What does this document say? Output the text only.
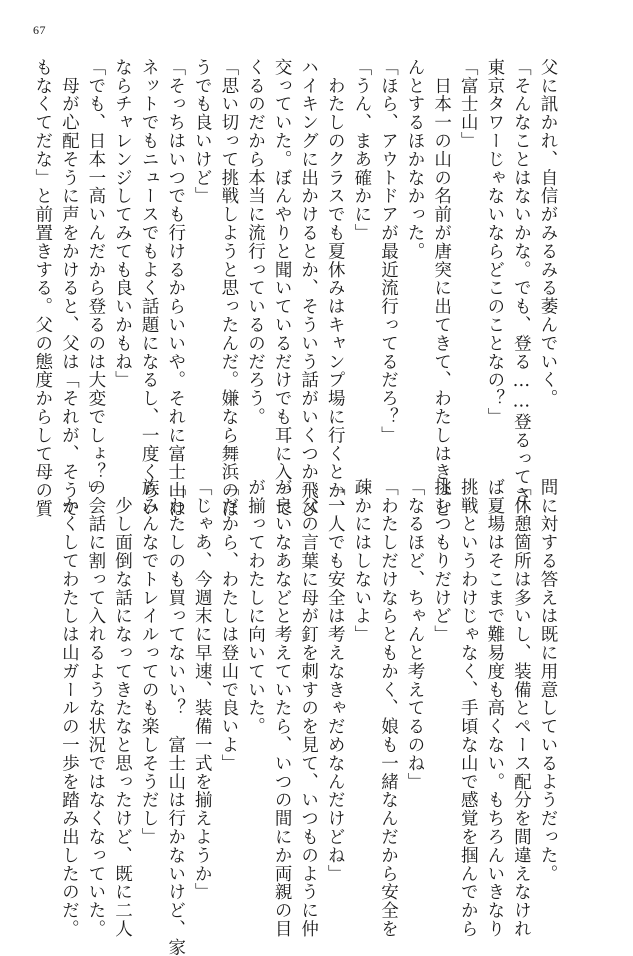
67
父に訊かれ、自信がみるみる萎んでいく。
「そんなことはないかな。でも、登る……登るってさ、
東京タワーじゃないならどこのことなの？」
「富士山」
　日本一の山の名前が唐突に出てきて、わたしはきょと
んとするほかなかった。
「ほら、アウトドアが最近流行ってるだろ？」
「うん、まあ確かに」
　わたしのクラスでも夏休みはキャンプ場に行くとか、
ハイキングに出かけるとか、そういう話がいくつか飛び
交っていた。ぼんやりと聞いているだけでも耳に入って
くるのだから本当に流行っているのだろう。
「思い切って挑戦しようと思ったんだ。嫌なら舞浜のほ
うでも良いけど」
「そっちはいつでも行けるからいいや。それに富士山は
ネットでもニュースでもよく話題になるし、一度くらい
ならチャレンジしてみても良いかもね」
「でも、日本一高いんだから登るのは大変でしょ？」
　母が心配そうに声をかけると、父は「それが、そうで
もなくてだな」と前置きする。父の態度からして母の質
問に対する答えは既に用意しているようだった。
「休憩箇所は多いし、装備とペース配分を間違えなけれ
ば夏場はそこまで難易度も高くない。もちろんいきなり
挑戦というわけじゃなく、手頃な山で感覚を掴んでから
挑むつもりだけど」
「なるほど、ちゃんと考えてるのね」
「わたしだけならともかく、娘も一緒なんだから安全を
疎かにはしないよ」
「一人でも安全は考えなきゃだめなんだけどね」
　父の言葉に母が釘を刺すのを見て、いつものように仲
が良いなあなどと考えていたら、いつの間にか両親の目
が揃ってわたしに向いていた。
「だから、わたしは登山で良いよ」
「じゃあ、今週末に早速、装備一式を揃えようか」
「わたしのも買ってないい？　富士山は行かないけど、家
族みんなでトレイルってのも楽しそうだし」
　少し面倒な話になってきたなと思ったけど、既に二人
の会話に割って入れるような状況ではなくなっていた。
　かくしてわたしは山ガールの一歩を踏み出したのだ。
